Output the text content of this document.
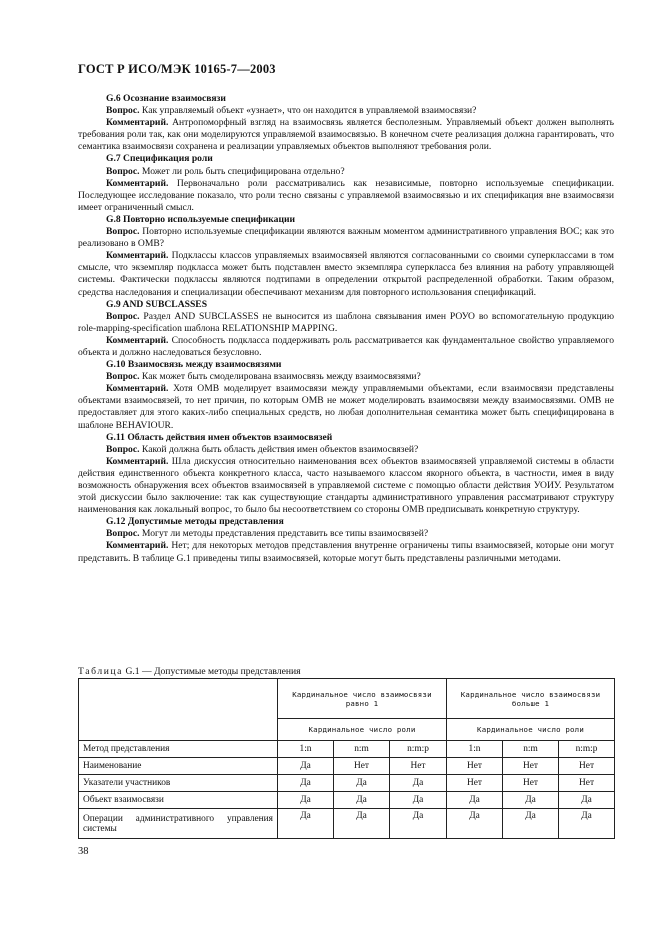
ГОСТ Р ИСО/МЭК 10165-7—2003

G.6 Осознание взаимосвязи

Вопрос. Как управляемый объект «узнает», что он находится в управляемой взаимосвязи?

Комментарий. Антропоморфный взгляд на взаимосвязь является бесполезным. Управляемый объект должен выполнять требования роли так, как они моделируются управляемой взаимосвязью. В конечном счете реализация должна гарантировать, что семантика взаимосвязи сохранена и реализации управляемых объектов выполняют требования роли.

G.7 Спецификация роли

Вопрос. Может ли роль быть специфицирована отдельно?

Комментарий. Первоначально роли рассматривались как независимые, повторно используемые спецификации. Последующее исследование показало, что роли тесно связаны с управляемой взаимосвязью и их спецификация вне взаимосвязи имеет ограниченный смысл.

G.8 Повторно используемые спецификации

Вопрос. Повторно используемые спецификации являются важным моментом административного управления ВОС; как это реализовано в OMB?

Комментарий. Подклассы классов управляемых взаимосвязей являются согласованными со своими суперклассами в том смысле, что экземпляр подкласса может быть подставлен вместо экземпляра суперкласса без влияния на работу управляющей системы. Фактически подклассы являются подтипами в определении открытой распределенной обработки. Таким образом, средства наследования и специализации обеспечивают механизм для повторного использования спецификаций.

G.9 AND SUBCLASSES

Вопрос. Раздел AND SUBCLASSES не выносится из шаблона связывания имен РОУО во вспомогательную продукцию role-mapping-specification шаблона RELATIONSHIP MAPPING.

Комментарий. Способность подкласса поддерживать роль рассматривается как фундаментальное свойство управляемого объекта и должно наследоваться безусловно.

G.10 Взаимосвязь между взаимосвязями

Вопрос. Как может быть смоделирована взаимосвязь между взаимосвязями?

Комментарий. Хотя OMB моделирует взаимосвязи между управляемыми объектами, если взаимосвязи представлены объектами взаимосвязей, то нет причин, по которым OMB не может моделировать взаимосвязи между взаимосвязями. OMB не предоставляет для этого каких-либо специальных средств, но любая дополнительная семантика может быть специфицирована в шаблоне BEHAVIOUR.

G.11 Область действия имен объектов взаимосвязей

Вопрос. Какой должна быть область действия имен объектов взаимосвязей?

Комментарий. Шла дискуссия относительно наименования всех объектов взаимосвязей управляемой системы в области действия единственного объекта конкретного класса, часто называемого классом якорного объекта, в частности, имея в виду возможность обнаружения всех объектов взаимосвязей в управляемой системе с помощью области действия УОИУ. Результатом этой дискуссии было заключение: так как существующие стандарты административного управления рассматривают структуру наименования как локальный вопрос, то было бы несоответствием со стороны OMB предписывать конкретную структуру.

G.12 Допустимые методы представления

Вопрос. Могут ли методы представления представить все типы взаимосвязей?

Комментарий. Нет; для некоторых методов представления внутренне ограничены типы взаимосвязей, которые они могут представить. В таблице G.1 приведены типы взаимосвязей, которые могут быть представлены различными методами.

Таблица G.1 — Допустимые методы представления
	Кардинальное число взаимосвязи равно 1			Кардинальное число взаимосвязи больше 1		
	Кардинальное число роли			Кардинальное число роли		
Метод представления	1:n	n:m	n:m:p	1:n	n:m	n:m:p
Наименование	Да	Нет	Нет	Нет	Нет	Нет
Указатели участников	Да	Да	Да	Нет	Нет	Нет
Объект взаимосвязи	Да	Да	Да	Да	Да	Да
Операции административного управления системы	Да	Да	Да	Да	Да	Да
38
